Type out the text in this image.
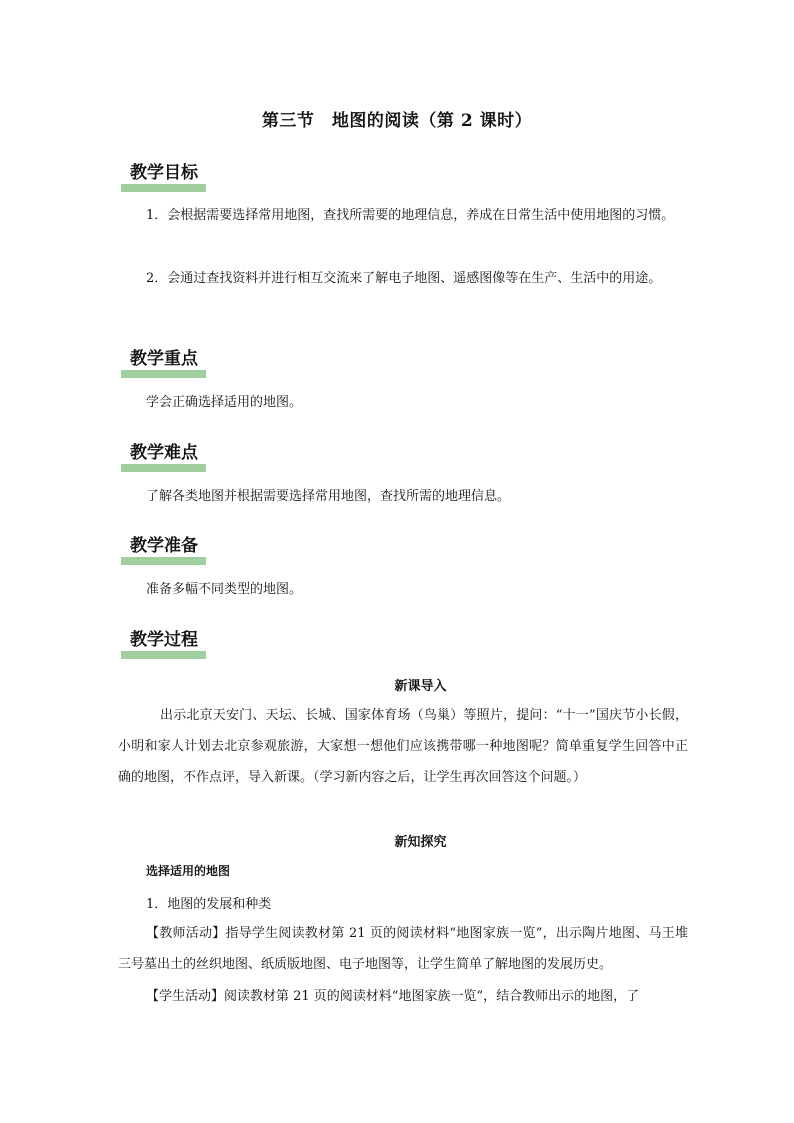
第三节　地图的阅读（第 2 课时）
教学目标
1．会根据需要选择常用地图，查找所需要的地理信息，养成在日常生活中使用地图的习惯。
2．会通过查找资料并进行相互交流来了解电子地图、遥感图像等在生产、生活中的用途。
教学重点
学会正确选择适用的地图。
教学难点
了解各类地图并根据需要选择常用地图，查找所需的地理信息。
教学准备
准备多幅不同类型的地图。
教学过程
新课导入
出示北京天安门、天坛、长城、国家体育场（鸟巢）等照片，提问：“十一”国庆节小长假，小明和家人计划去北京参观旅游，大家想一想他们应该携带哪一种地图呢？简单重复学生回答中正确的地图，不作点评，导入新课。（学习新内容之后，让学生再次回答这个问题。）
新知探究
选择适用的地图
1．地图的发展和种类
【教师活动】指导学生阅读教材第 21 页的阅读材料“地图家族一览”，出示陶片地图、马王堆三号墓出土的丝织地图、纸质版地图、电子地图等，让学生简单了解地图的发展历史。
【学生活动】阅读教材第 21 页的阅读材料“地图家族一览”，结合教师出示的地图，了
